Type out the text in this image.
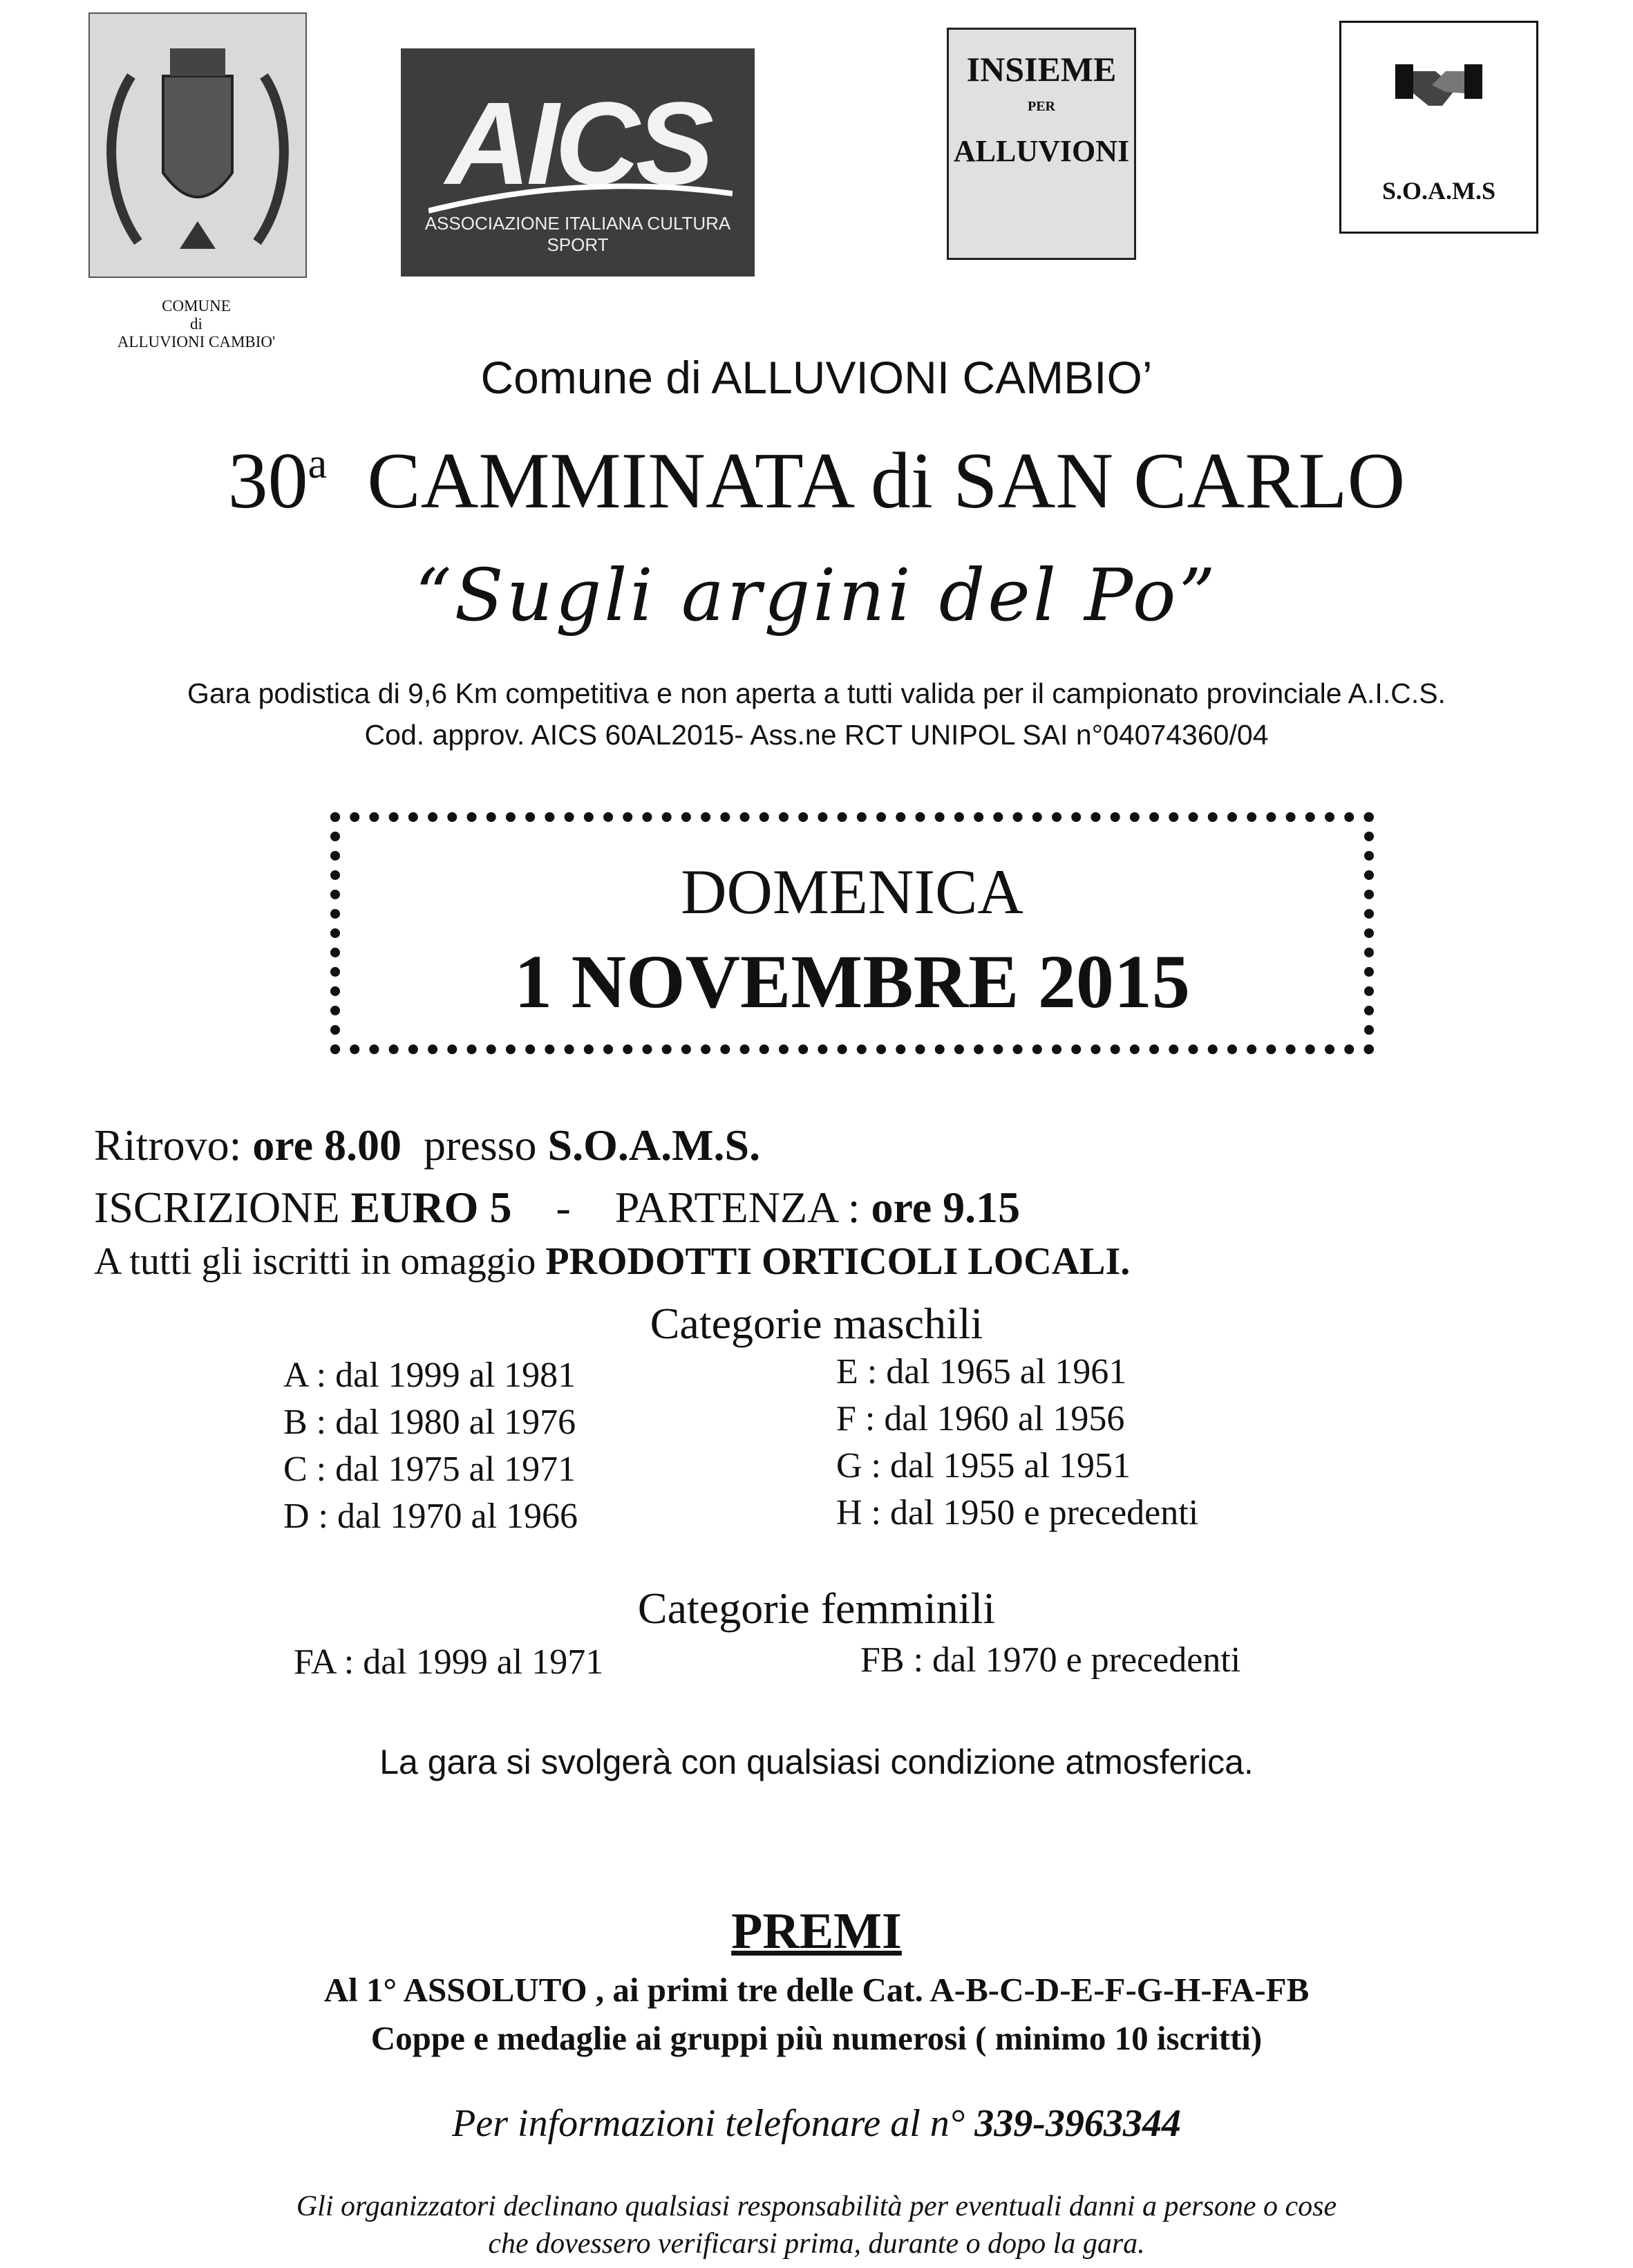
COMUNE
di
ALLUVIONI CAMBIO'
AICS
ASSOCIAZIONE ITALIANA CULTURA SPORT
INSIEME
PER
ALLUVIONI
S.O.A.M.S
Comune di ALLUVIONI CAMBIO’
30$^a$ CAMMINATA di SAN CARLO
“Sugli argini del Po”
Gara podistica di 9,6 Km competitiva e non aperta a tutti valida per il campionato provinciale A.I.C.S.
Cod. approv. AICS 60AL2015- Ass.ne RCT UNIPOL SAI n°04074360/04
DOMENICA
1 NOVEMBRE 2015
Ritrovo: ore 8.00 presso S.O.A.M.S.
ISCRIZIONE EURO 5 - PARTENZA : ore 9.15
A tutti gli iscritti in omaggio PRODOTTI ORTICOLI LOCALI.
Categorie maschili
A : dal 1999 al 1981
B : dal 1980 al 1976
C : dal 1975 al 1971
D : dal 1970 al 1966
E : dal 1965 al 1961
F : dal 1960 al 1956
G : dal 1955 al 1951
H : dal 1950 e precedenti
Categorie femminili
FA : dal 1999 al 1971	FB : dal 1970 e precedenti
La gara si svolgerà con qualsiasi condizione atmosferica.
PREMI
Al 1° ASSOLUTO , ai primi tre delle Cat. A-B-C-D-E-F-G-H-FA-FB
Coppe e medaglie ai gruppi più numerosi ( minimo 10 iscritti)
Per informazioni telefonare al n° 339-3963344
Gli organizzatori declinano qualsiasi responsabilità per eventuali danni a persone o cose
che dovessero verificarsi prima, durante o dopo la gara.
